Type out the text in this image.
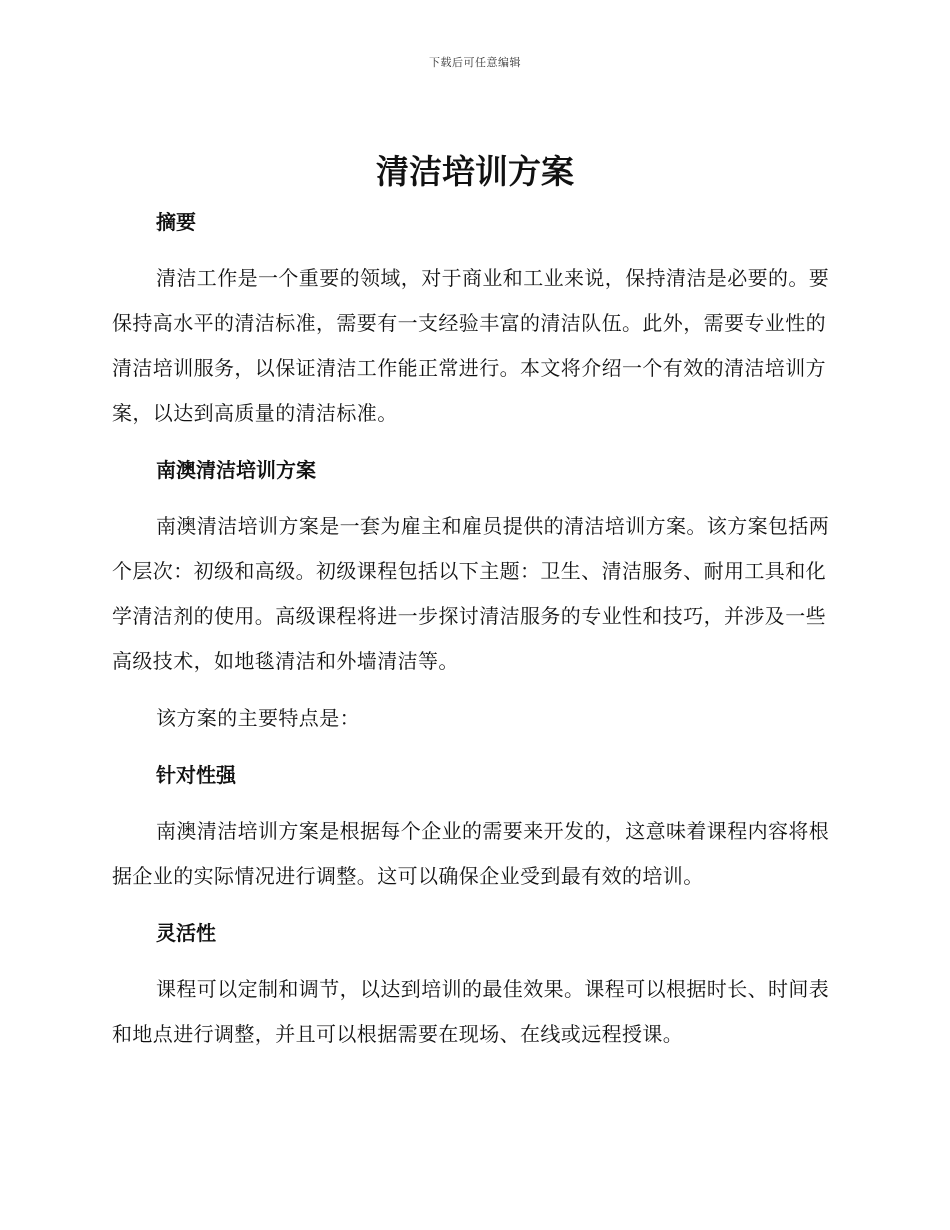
下载后可任意编辑
清洁培训方案
摘要

清洁工作是一个重要的领域，对于商业和工业来说，保持清洁是必要的。要保持高水平的清洁标准，需要有一支经验丰富的清洁队伍。此外，需要专业性的清洁培训服务，以保证清洁工作能正常进行。本文将介绍一个有效的清洁培训方案，以达到高质量的清洁标准。

南澳清洁培训方案

南澳清洁培训方案是一套为雇主和雇员提供的清洁培训方案。该方案包括两个层次：初级和高级。初级课程包括以下主题：卫生、清洁服务、耐用工具和化学清洁剂的使用。高级课程将进一步探讨清洁服务的专业性和技巧，并涉及一些高级技术，如地毯清洁和外墙清洁等。

该方案的主要特点是：

针对性强

南澳清洁培训方案是根据每个企业的需要来开发的，这意味着课程内容将根据企业的实际情况进行调整。这可以确保企业受到最有效的培训。

灵活性

课程可以定制和调节，以达到培训的最佳效果。课程可以根据时长、时间表和地点进行调整，并且可以根据需要在现场、在线或远程授课。
